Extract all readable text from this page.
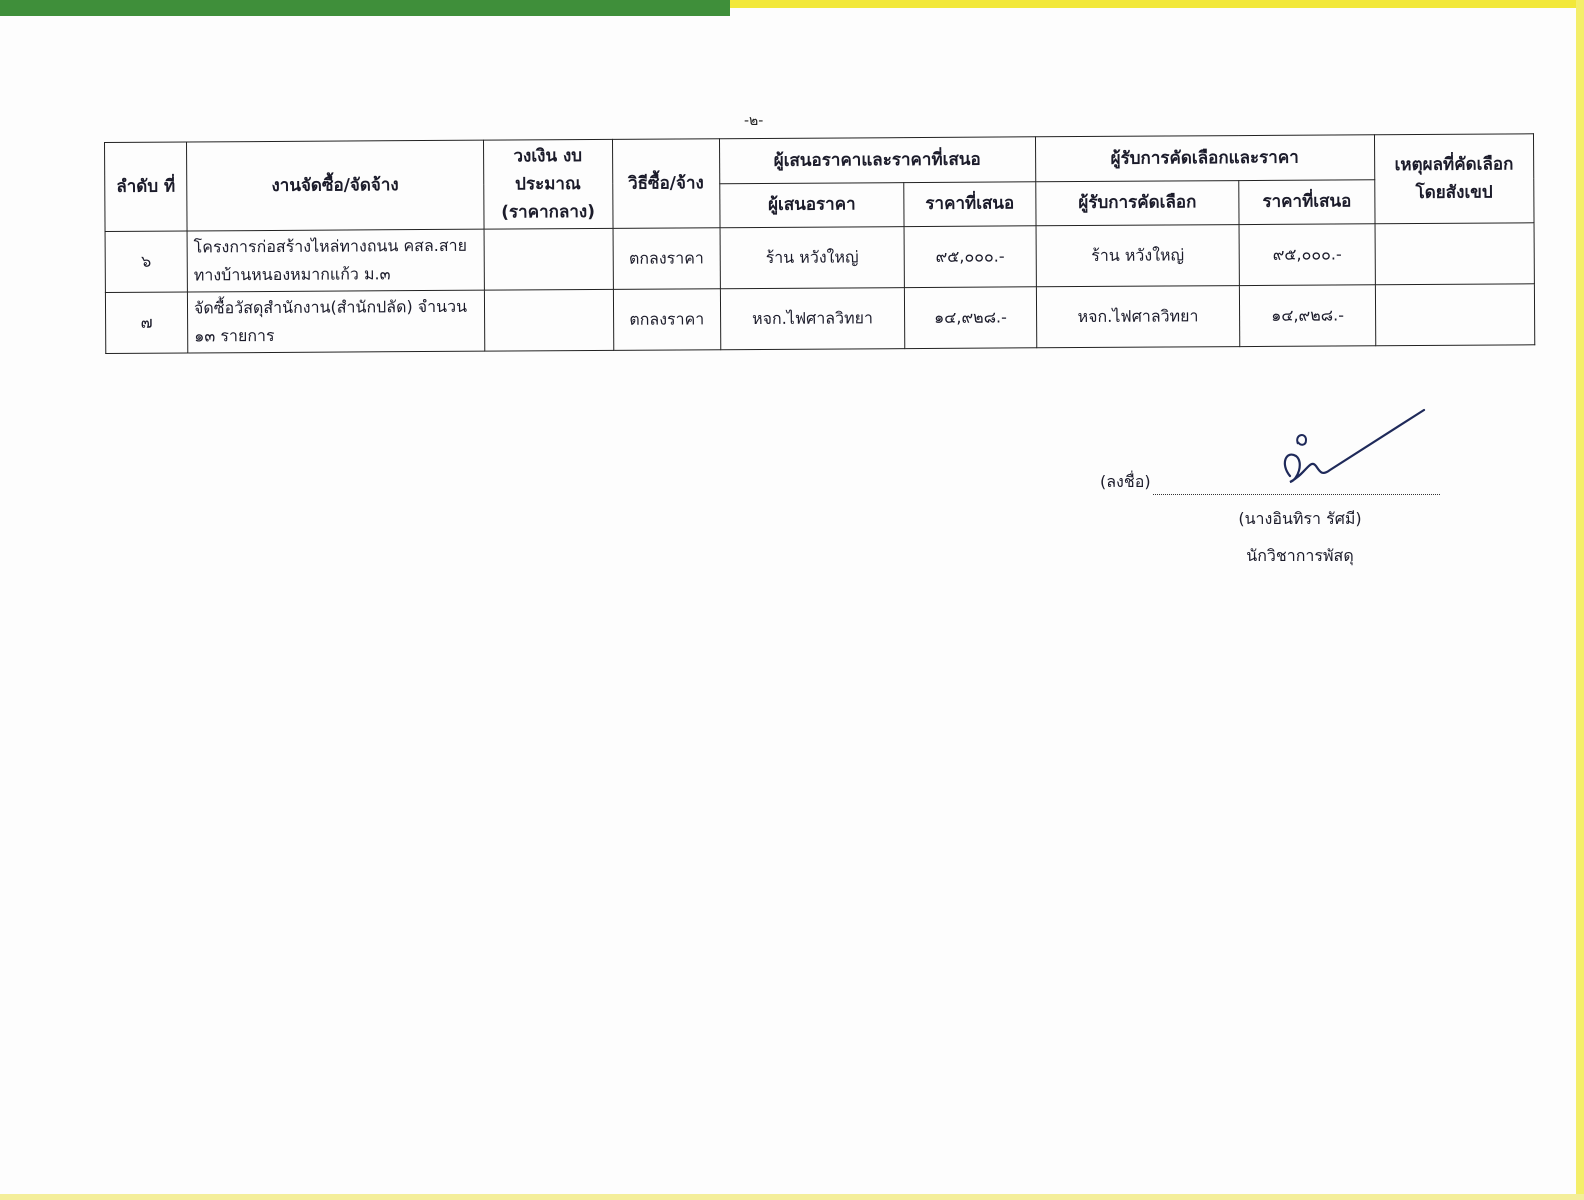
-๒-
ลำดับ ที่	งานจัดซื้อ/จัดจ้าง	วงเงิน งบประมาณ (ราคากลาง)	วิธีซื้อ/จ้าง	ผู้เสนอราคาและราคาที่เสนอ		ผู้รับการคัดเลือกและราคา		เหตุผลที่คัดเลือก โดยสังเขป
				ผู้เสนอราคา	ราคาที่เสนอ	ผู้รับการคัดเลือก	ราคาที่เสนอ	
๖	โครงการก่อสร้างไหล่ทางถนน คสล.สายทางบ้านหนองหมากแก้ว ม.๓		ตกลงราคา	ร้าน หวังใหญ่	๙๕,๐๐๐.-	ร้าน หวังใหญ่	๙๕,๐๐๐.-	
๗	จัดซื้อวัสดุสำนักงาน(สำนักปลัด) จำนวน ๑๓ รายการ		ตกลงราคา	หจก.ไฟศาลวิทยา	๑๔,๙๒๘.-	หจก.ไฟศาลวิทยา	๑๔,๙๒๘.-	
(ลงชื่อ)
(นางอินทิรา รัศมี)
นักวิชาการพัสดุ
